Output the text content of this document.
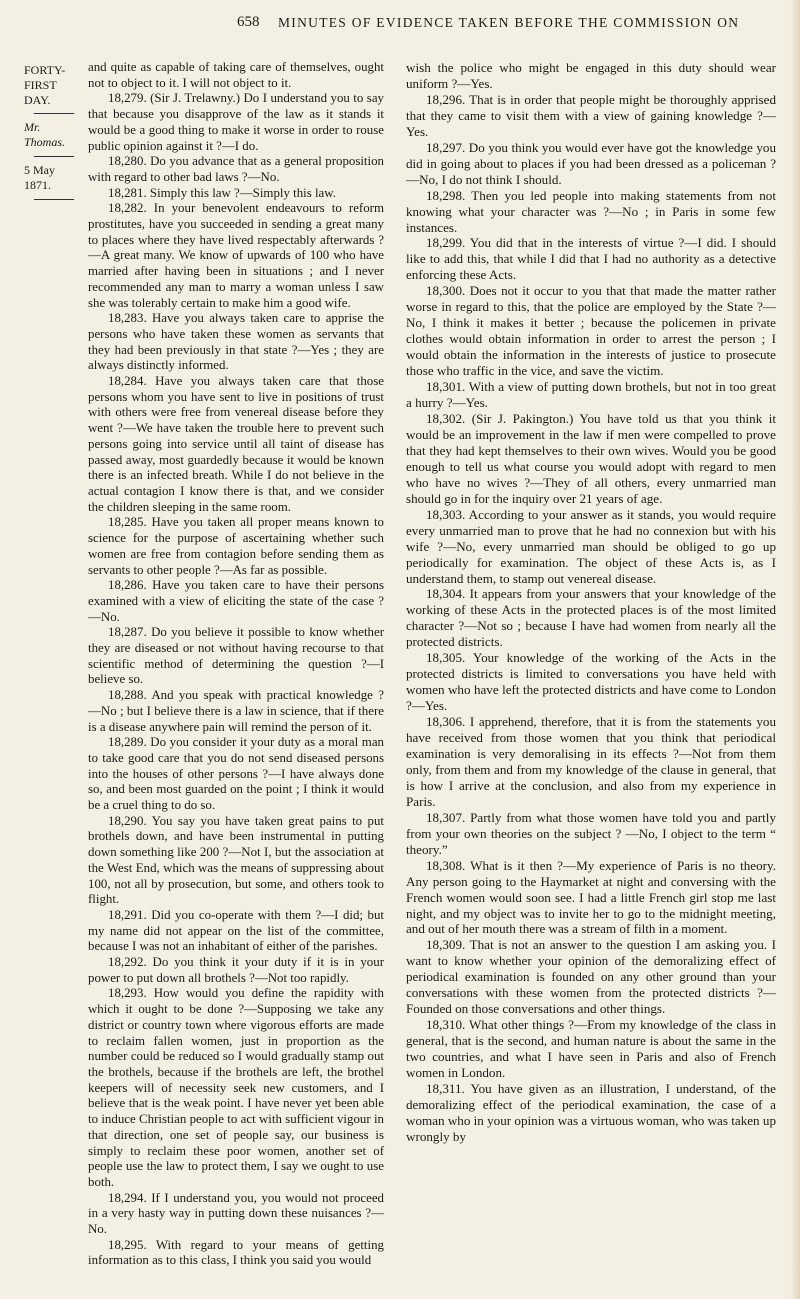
658 MINUTES OF EVIDENCE TAKEN BEFORE THE COMMISSION ON
FORTY-FIRST DAY.
Mr. Thomas.
5 May 1871.

and quite as capable of taking care of themselves, ought not to object to it. I will not object to it.

18,279. (Sir J. Trelawny.) Do I understand you to say that because you disapprove of the law as it stands it would be a good thing to make it worse in order to rouse public opinion against it ?—I do.

18,280. Do you advance that as a general proposition with regard to other bad laws ?—No.

18,281. Simply this law ?—Simply this law.

18,282. In your benevolent endeavours to reform prostitutes, have you succeeded in sending a great many to places where they have lived respectably afterwards ?—A great many. We know of upwards of 100 who have married after having been in situations ; and I never recommended any man to marry a woman unless I saw she was tolerably certain to make him a good wife.

18,283. Have you always taken care to apprise the persons who have taken these women as servants that they had been previously in that state ?—Yes ; they are always distinctly informed.

18,284. Have you always taken care that those persons whom you have sent to live in positions of trust with others were free from venereal disease before they went ?—We have taken the trouble here to prevent such persons going into service until all taint of disease has passed away, most guardedly because it would be known there is an infected breath. While I do not believe in the actual contagion I know there is that, and we consider the children sleeping in the same room.

18,285. Have you taken all proper means known to science for the purpose of ascertaining whether such women are free from contagion before sending them as servants to other people ?—As far as possible.

18,286. Have you taken care to have their persons examined with a view of eliciting the state of the case ?—No.

18,287. Do you believe it possible to know whether they are diseased or not without having recourse to that scientific method of determining the question ?—I believe so.

18,288. And you speak with practical knowledge ? —No ; but I believe there is a law in science, that if there is a disease anywhere pain will remind the person of it.

18,289. Do you consider it your duty as a moral man to take good care that you do not send diseased persons into the houses of other persons ?—I have always done so, and been most guarded on the point ; I think it would be a cruel thing to do so.

18,290. You say you have taken great pains to put brothels down, and have been instrumental in putting down something like 200 ?—Not I, but the association at the West End, which was the means of suppressing about 100, not all by prosecution, but some, and others took to flight.

18,291. Did you co-operate with them ?—I did; but my name did not appear on the list of the committee, because I was not an inhabitant of either of the parishes.

18,292. Do you think it your duty if it is in your power to put down all brothels ?—Not too rapidly.

18,293. How would you define the rapidity with which it ought to be done ?—Supposing we take any district or country town where vigorous efforts are made to reclaim fallen women, just in proportion as the number could be reduced so I would gradually stamp out the brothels, because if the brothels are left, the brothel keepers will of necessity seek new customers, and I believe that is the weak point. I have never yet been able to induce Christian people to act with sufficient vigour in that direction, one set of people say, our business is simply to reclaim these poor women, another set of people use the law to protect them, I say we ought to use both.

18,294. If I understand you, you would not proceed in a very hasty way in putting down these nuisances ?—No.

18,295. With regard to your means of getting information as to this class, I think you said you would

wish the police who might be engaged in this duty should wear uniform ?—Yes.

18,296. That is in order that people might be thoroughly apprised that they came to visit them with a view of gaining knowledge ?—Yes.

18,297. Do you think you would ever have got the knowledge you did in going about to places if you had been dressed as a policeman ?—No, I do not think I should.

18,298. Then you led people into making statements from not knowing what your character was ?—No ; in Paris in some few instances.

18,299. You did that in the interests of virtue ?—I did. I should like to add this, that while I did that I had no authority as a detective enforcing these Acts.

18,300. Does not it occur to you that that made the matter rather worse in regard to this, that the police are employed by the State ?—No, I think it makes it better ; because the policemen in private clothes would obtain information in order to arrest the person ; I would obtain the information in the interests of justice to prosecute those who traffic in the vice, and save the victim.

18,301. With a view of putting down brothels, but not in too great a hurry ?—Yes.

18,302. (Sir J. Pakington.) You have told us that you think it would be an improvement in the law if men were compelled to prove that they had kept themselves to their own wives. Would you be good enough to tell us what course you would adopt with regard to men who have no wives ?—They of all others, every unmarried man should go in for the inquiry over 21 years of age.

18,303. According to your answer as it stands, you would require every unmarried man to prove that he had no connexion but with his wife ?—No, every unmarried man should be obliged to go up periodically for examination. The object of these Acts is, as I understand them, to stamp out venereal disease.

18,304. It appears from your answers that your knowledge of the working of these Acts in the protected places is of the most limited character ?—Not so ; because I have had women from nearly all the protected districts.

18,305. Your knowledge of the working of the Acts in the protected districts is limited to conversations you have held with women who have left the protected districts and have come to London ?—Yes.

18,306. I apprehend, therefore, that it is from the statements you have received from those women that you think that periodical examination is very demoralising in its effects ?—Not from them only, from them and from my knowledge of the clause in general, that is how I arrive at the conclusion, and also from my experience in Paris.

18,307. Partly from what those women have told you and partly from your own theories on the subject ? —No, I object to the term “ theory.”

18,308. What is it then ?—My experience of Paris is no theory. Any person going to the Haymarket at night and conversing with the French women would soon see. I had a little French girl stop me last night, and my object was to invite her to go to the midnight meeting, and out of her mouth there was a stream of filth in a moment.

18,309. That is not an answer to the question I am asking you. I want to know whether your opinion of the demoralizing effect of periodical examination is founded on any other ground than your conversations with these women from the protected districts ?—Founded on those conversations and other things.

18,310. What other things ?—From my knowledge of the class in general, that is the second, and human nature is about the same in the two countries, and what I have seen in Paris and also of French women in London.

18,311. You have given as an illustration, I understand, of the demoralizing effect of the periodical examination, the case of a woman who in your opinion was a virtuous woman, who was taken up wrongly by
